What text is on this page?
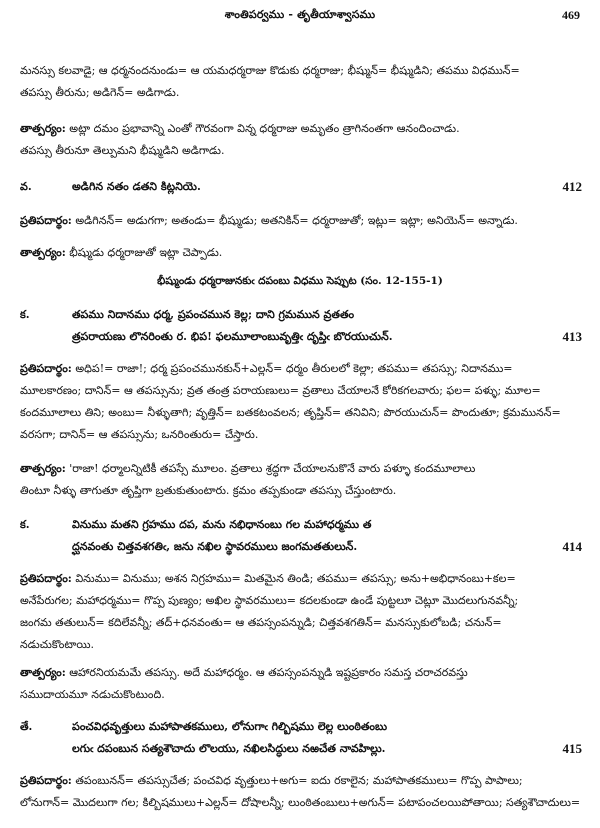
శాంతిపర్వము - తృతీయాశ్వాసము	469
మనస్సు కలవాడై; ఆ ధర్మనందనుండు= ఆ యమధర్మరాజు కొడుకు ధర్మరాజు; భీష్మున్= భీష్ముడిని; తపము విధమున్=
తపస్సు తీరును; అడిగెన్= అడిగాడు.
తాత్పర్యం: అట్లా దమం ప్రభావాన్ని ఎంతో గౌరవంగా విన్న ధర్మరాజు అమృతం త్రాగినంతగా ఆనందించాడు.
తపస్సు తీరునూ తెల్పుమని భీష్ముడిని అడిగాడు.
వ.	అడిగిన నతం డతని కిట్లనియె.	412
ప్రతిపదార్థం: అడిగినన్= అడుగగా; అతండు= భీష్ముడు; అతనికిన్= ధర్మరాజుతో; ఇట్లు= ఇట్లా; అనియెన్= అన్నాడు.
తాత్పర్యం: భీష్ముడు ధర్మరాజుతో ఇట్లా చెప్పాడు.
భీష్ముండు ధర్మరాజునకుఁ దపంబు విధము సెప్పుట (సం. 12-155-1)
క.	తపము నిదానము ధర్మ, ప్రపంచమున కెల్ల; దాని గ్రమమున వ్రతతం
త్రపరాయణు లొనరింతు ర. భిప! ఫలమూలాంబువృత్తిఁ దృప్తిఁ బొరయుచున్.	413
ప్రతిపదార్థం: అధిప!= రాజా!; ధర్మ ప్రపంచమునకున్+ఎల్లన్= ధర్మం తీరులలో కెల్లా; తపము= తపస్సు; నిదానము=
మూలకారణం; దానిన్= ఆ తపస్సును; వ్రత తంత్ర పరాయణులు= వ్రతాలు చేయాలనే కోరికగలవారు; ఫల= పళ్ళు; మూల=
కందమూలాలు తిని; అంబు= నీళ్ళుతాగి; వృత్తిన్= బతకటంవలన; తృప్తిన్= తనివిని; పొరయుచున్= పొందుతూ; క్రమమునన్=
వరసగా; దానిన్= ఆ తపస్సును; ఒనరింతురు= చేస్తారు.
తాత్పర్యం: 'రాజా! ధర్మాలన్నిటికీ తపస్సే మూలం. వ్రతాలు శ్రద్ధగా చేయాలనుకొనే వారు పళ్ళూ కందమూలాలు
తింటూ నీళ్ళు తాగుతూ తృప్తిగా బ్రతుకుతుంటారు. క్రమం తప్పకుండా తపస్సు చేస్తుంటారు.
క.	వినుము మతని గ్రహము దప, మను నభిధానంబు గల మహాధర్మము త
ద్ఘనవంతు చిత్తవశగతిఁ, జను నఖిల స్థావరములు జంగమతతులున్.	414
ప్రతిపదార్థం: వినుము= వినుము; అశన నిగ్రహము= మితమైన తిండి; తపము= తపస్సు; అను+అభిధానంబు+కల=
అనేపేరుగల; మహాధర్మము= గొప్ప పుణ్యం; అఖిల స్థావరములు= కదలకుండా ఉండే పుట్టలూ చెట్లూ మొదలుగునవన్నీ;
జంగమ తతులున్= కదిలేవన్నీ; తద్+ధనవంతు= ఆ తపస్సంపన్నుడి; చిత్తవశగతిన్= మనస్సుకులోబడి; చనున్=
నడుచుకొంటాయి.
తాత్పర్యం: ఆహారనియమమే తపస్సు. అదే మహాధర్మం. ఆ తపస్సంపన్నుడి ఇష్టప్రకారం సమస్త చరాచరవస్తు
సముదాయమూ నడుచుకొంటుంది.
తే.	పంచవిధవృత్తులు మహాపాతకములు, లోనుగాఁ గిల్బిషము లెల్ల లుంఠితంబు
లగుఁ దపంబున సత్యశౌచాదు లొలయు, నఖిలసిద్ధులు నఱచేత నావహిల్లు.	415
ప్రతిపదార్థం: తపంబునన్= తపస్సుచేత; పంచవిధ వృత్తులు+అగు= ఐదు రకాలైన; మహాపాతకములు= గొప్ప పాపాలు;
లోనుగాన్= మొదలుగా గల; కిల్బిషములు+ఎల్లన్= దోషాలన్నీ; లుంఠితంబులు+అగున్= పటాపంచలయిపోతాయి; సత్యశౌచాదులు=
